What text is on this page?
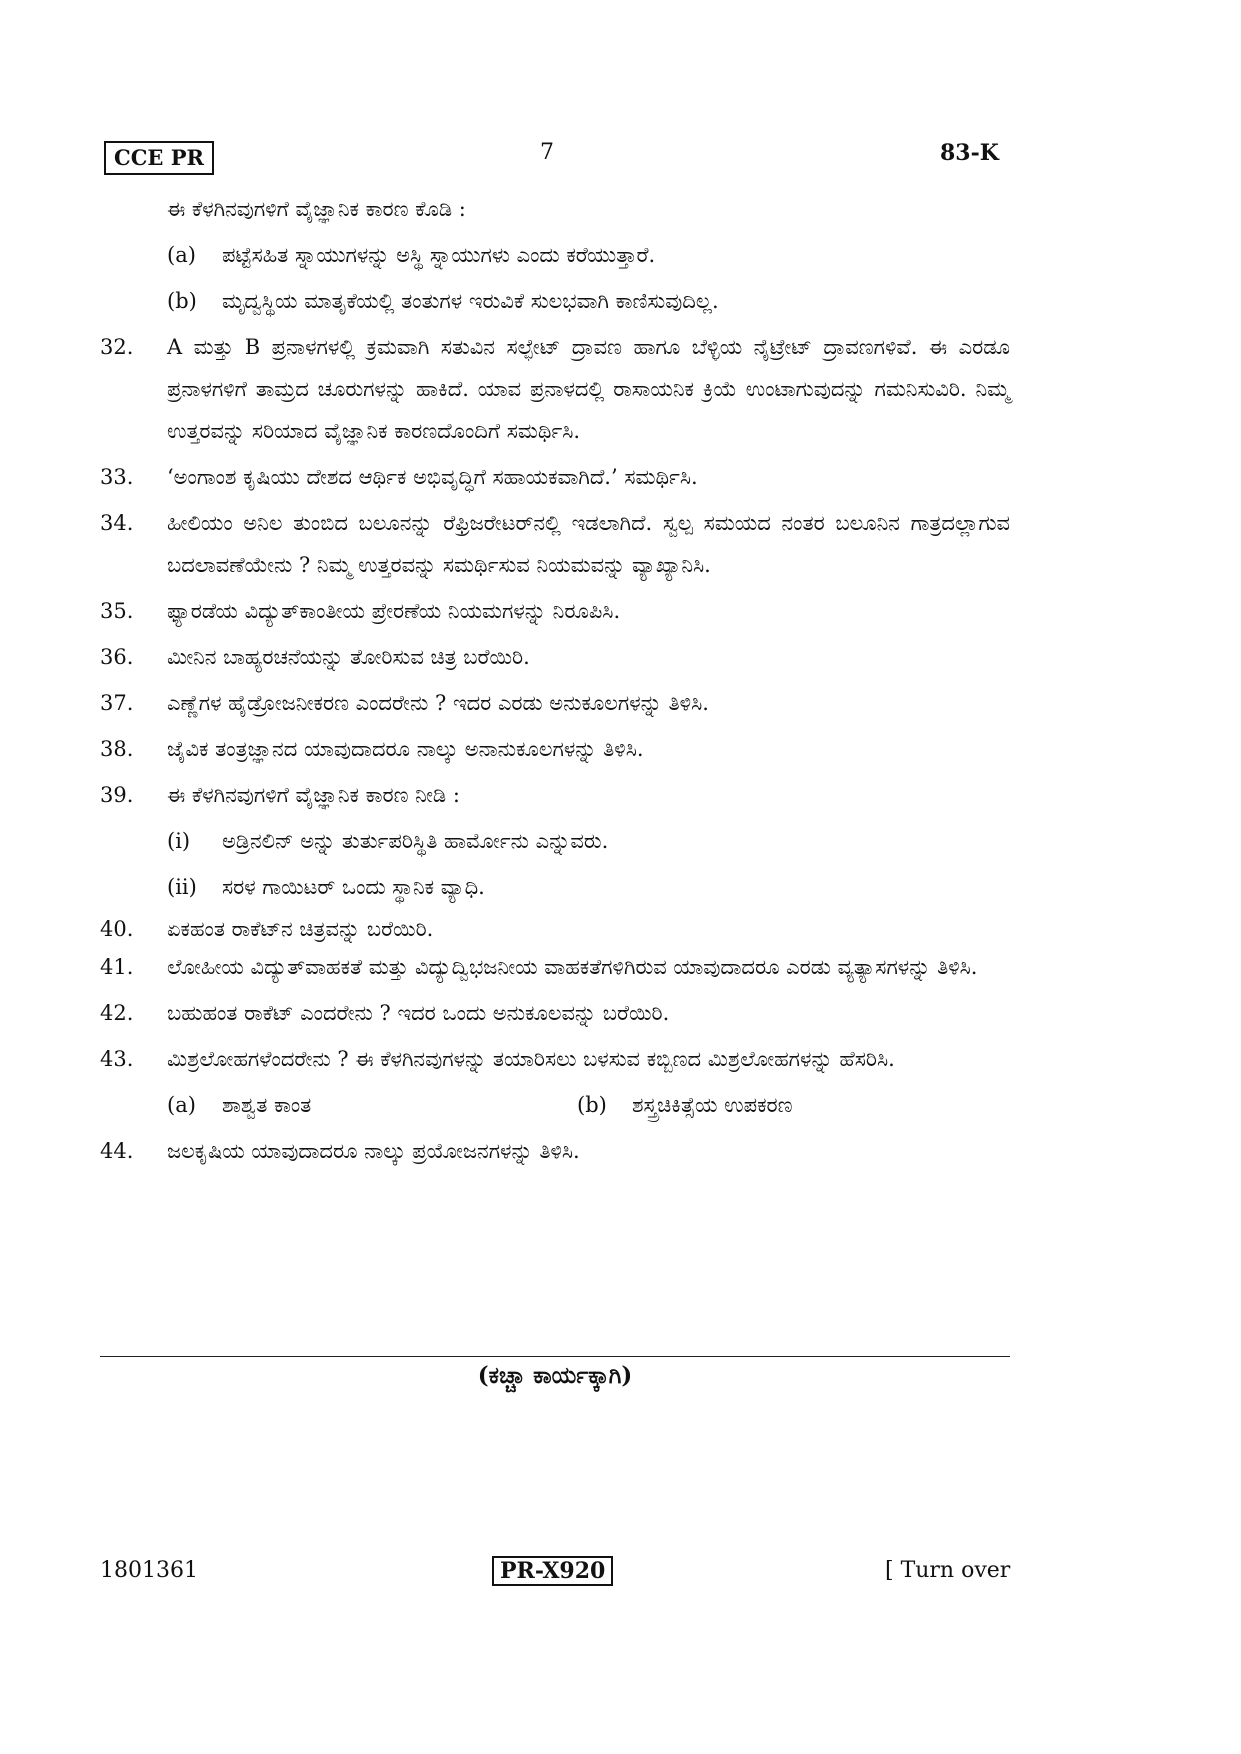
CCE PR	7	83-K
ಈ ಕೆಳಗಿನವುಗಳಿಗೆ ವೈಜ್ಞಾನಿಕ ಕಾರಣ ಕೊಡಿ :
(a)	ಪಟ್ಟೆಸಹಿತ ಸ್ನಾಯುಗಳನ್ನು ಅಸ್ಥಿ ಸ್ನಾಯುಗಳು ಎಂದು ಕರೆಯುತ್ತಾರೆ.
(b)	ಮೃದ್ವಸ್ಥಿಯ ಮಾತೃಕೆಯಲ್ಲಿ ತಂತುಗಳ ಇರುವಿಕೆ ಸುಲಭವಾಗಿ ಕಾಣಿಸುವುದಿಲ್ಲ.
32.	A ಮತ್ತು B ಪ್ರನಾಳಗಳಲ್ಲಿ ಕ್ರಮವಾಗಿ ಸತುವಿನ ಸಲ್ಫೇಟ್ ದ್ರಾವಣ ಹಾಗೂ ಬೆಳ್ಳಿಯ ನೈಟ್ರೇಟ್ ದ್ರಾವಣಗಳಿವೆ. ಈ ಎರಡೂ ಪ್ರನಾಳಗಳಿಗೆ ತಾಮ್ರದ ಚೂರುಗಳನ್ನು ಹಾಕಿದೆ. ಯಾವ ಪ್ರನಾಳದಲ್ಲಿ ರಾಸಾಯನಿಕ ಕ್ರಿಯೆ ಉಂಟಾಗುವುದನ್ನು ಗಮನಿಸುವಿರಿ. ನಿಮ್ಮ ಉತ್ತರವನ್ನು ಸರಿಯಾದ ವೈಜ್ಞಾನಿಕ ಕಾರಣದೊಂದಿಗೆ ಸಮರ್ಥಿಸಿ.
33.	‘ಅಂಗಾಂಶ ಕೃಷಿಯು ದೇಶದ ಆರ್ಥಿಕ ಅಭಿವೃದ್ಧಿಗೆ ಸಹಾಯಕವಾಗಿದೆ.’ ಸಮರ್ಥಿಸಿ.
34.	ಹೀಲಿಯಂ ಅನಿಲ ತುಂಬಿದ ಬಲೂನನ್ನು ರೆಫ್ರಿಜರೇಟರ್‌ನಲ್ಲಿ ಇಡಲಾಗಿದೆ. ಸ್ವಲ್ಪ ಸಮಯದ ನಂತರ ಬಲೂನಿನ ಗಾತ್ರದಲ್ಲಾಗುವ ಬದಲಾವಣೆಯೇನು ? ನಿಮ್ಮ ಉತ್ತರವನ್ನು ಸಮರ್ಥಿಸುವ ನಿಯಮವನ್ನು ವ್ಯಾಖ್ಯಾನಿಸಿ.
35.	ಫ್ಯಾರಡೆಯ ವಿದ್ಯುತ್‌ಕಾಂತೀಯ ಪ್ರೇರಣೆಯ ನಿಯಮಗಳನ್ನು ನಿರೂಪಿಸಿ.
36.	ಮೀನಿನ ಬಾಹ್ಯರಚನೆಯನ್ನು ತೋರಿಸುವ ಚಿತ್ರ ಬರೆಯಿರಿ.
37.	ಎಣ್ಣೆಗಳ ಹೈಡ್ರೋಜನೀಕರಣ ಎಂದರೇನು ? ಇದರ ಎರಡು ಅನುಕೂಲಗಳನ್ನು ತಿಳಿಸಿ.
38.	ಜೈವಿಕ ತಂತ್ರಜ್ಞಾನದ ಯಾವುದಾದರೂ ನಾಲ್ಕು ಅನಾನುಕೂಲಗಳನ್ನು ತಿಳಿಸಿ.
39.	ಈ ಕೆಳಗಿನವುಗಳಿಗೆ ವೈಜ್ಞಾನಿಕ ಕಾರಣ ನೀಡಿ :
(i)	ಅಡ್ರಿನಲಿನ್ ಅನ್ನು ತುರ್ತುಪರಿಸ್ಥಿತಿ ಹಾರ್ಮೋನು ಎನ್ನುವರು.
(ii)	ಸರಳ ಗಾಯಿಟರ್ ಒಂದು ಸ್ಥಾನಿಕ ವ್ಯಾಧಿ.
40.	ಏಕಹಂತ ರಾಕೆಟ್‌ನ ಚಿತ್ರವನ್ನು ಬರೆಯಿರಿ.
41.	ಲೋಹೀಯ ವಿದ್ಯುತ್‌ವಾಹಕತೆ ಮತ್ತು ವಿದ್ಯುದ್ವಿಭಜನೀಯ ವಾಹಕತೆಗಳಿಗಿರುವ ಯಾವುದಾದರೂ ಎರಡು ವ್ಯತ್ಯಾಸಗಳನ್ನು ತಿಳಿಸಿ.
42.	ಬಹುಹಂತ ರಾಕೆಟ್ ಎಂದರೇನು ? ಇದರ ಒಂದು ಅನುಕೂಲವನ್ನು ಬರೆಯಿರಿ.
43.	ಮಿಶ್ರಲೋಹಗಳೆಂದರೇನು ? ಈ ಕೆಳಗಿನವುಗಳನ್ನು ತಯಾರಿಸಲು ಬಳಸುವ ಕಬ್ಬಿಣದ ಮಿಶ್ರಲೋಹಗಳನ್ನು ಹೆಸರಿಸಿ.
(a)	ಶಾಶ್ವತ ಕಾಂತ	(b)	ಶಸ್ತ್ರಚಿಕಿತ್ಸೆಯ ಉಪಕರಣ
44.	ಜಲಕೃಷಿಯ ಯಾವುದಾದರೂ ನಾಲ್ಕು ಪ್ರಯೋಜನಗಳನ್ನು ತಿಳಿಸಿ.
(ಕಚ್ಚಾ ಕಾರ್ಯಕ್ಕಾಗಿ)
1801361	PR-X920	[ Turn over
